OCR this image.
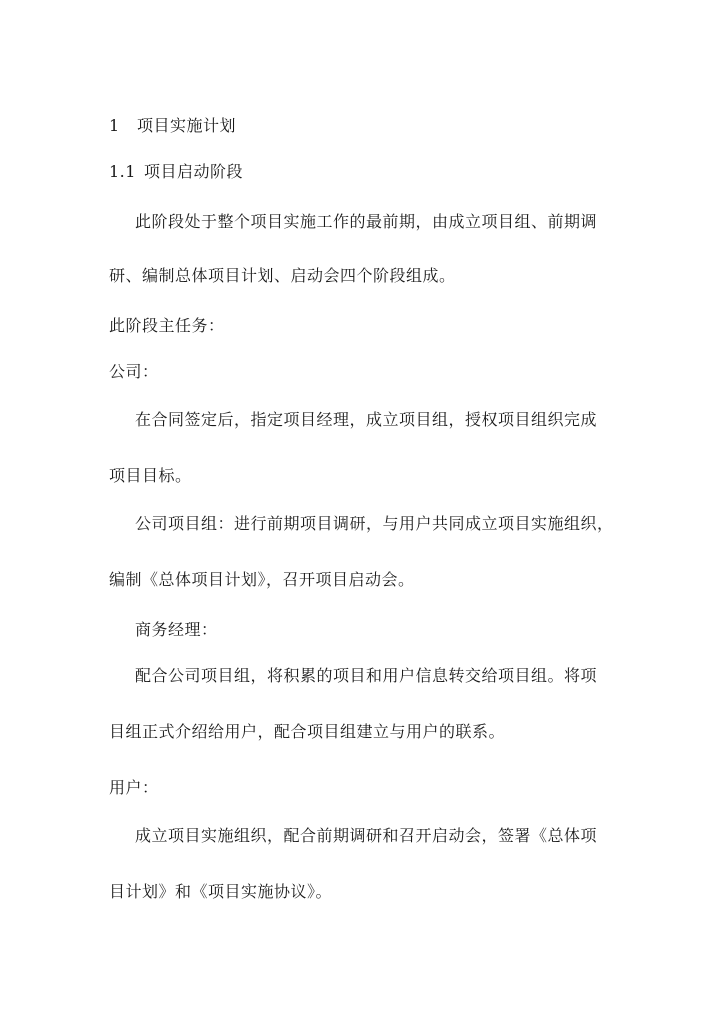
1 项目实施计划
1.1 项目启动阶段
此阶段处于整个项目实施工作的最前期，由成立项目组、前期调
研、编制总体项目计划、启动会四个阶段组成。
此阶段主任务：
公司：
在合同签定后，指定项目经理，成立项目组，授权项目组织完成
项目目标。
公司项目组：进行前期项目调研，与用户共同成立项目实施组织，
编制《总体项目计划》，召开项目启动会。
商务经理：
配合公司项目组，将积累的项目和用户信息转交给项目组。将项
目组正式介绍给用户，配合项目组建立与用户的联系。
用户：
成立项目实施组织，配合前期调研和召开启动会，签署《总体项
目计划》和《项目实施协议》。
